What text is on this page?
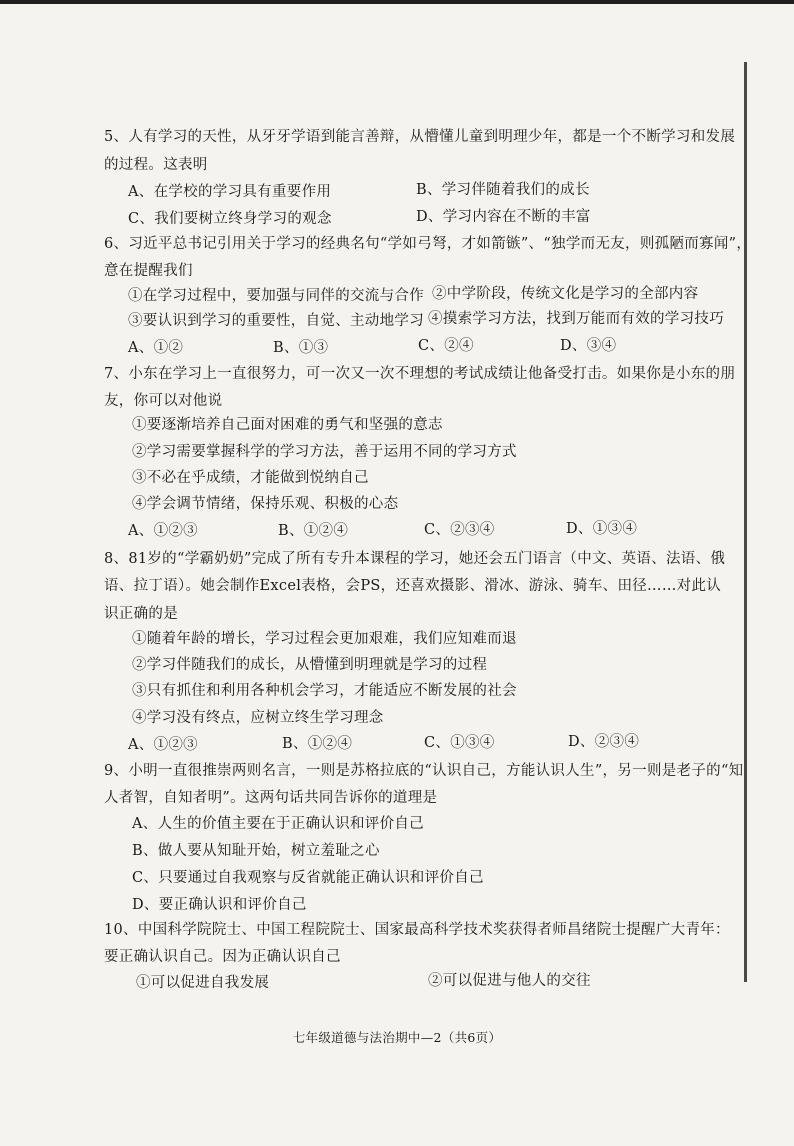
5、人有学习的天性，从牙牙学语到能言善辩，从懵懂儿童到明理少年，都是一个不断学习和发展
的过程。这表明
A、在学校的学习具有重要作用	B、学习伴随着我们的成长
C、我们要树立终身学习的观念	D、学习内容在不断的丰富
6、习近平总书记引用关于学习的经典名句“学如弓弩，才如箭镞”、“独学而无友，则孤陋而寡闻”，
意在提醒我们
①在学习过程中，要加强与同伴的交流与合作 ②中学阶段，传统文化是学习的全部内容
③要认识到学习的重要性，自觉、主动地学习 ④摸索学习方法，找到万能而有效的学习技巧
A、①②	B、①③	C、②④	D、③④
7、小东在学习上一直很努力，可一次又一次不理想的考试成绩让他备受打击。如果你是小东的朋
友，你可以对他说
①要逐渐培养自己面对困难的勇气和坚强的意志
②学习需要掌握科学的学习方法，善于运用不同的学习方式
③不必在乎成绩，才能做到悦纳自己
④学会调节情绪，保持乐观、积极的心态
A、①②③	B、①②④	C、②③④	D、①③④
8、81岁的“学霸奶奶”完成了所有专升本课程的学习，她还会五门语言（中文、英语、法语、俄
语、拉丁语）。她会制作Excel表格，会PS，还喜欢摄影、滑冰、游泳、骑车、田径……对此认
识正确的是
①随着年龄的增长，学习过程会更加艰难，我们应知难而退
②学习伴随我们的成长，从懵懂到明理就是学习的过程
③只有抓住和利用各种机会学习，才能适应不断发展的社会
④学习没有终点，应树立终生学习理念
A、①②③	B、①②④	C、①③④	D、②③④
9、小明一直很推崇两则名言，一则是苏格拉底的“认识自己，方能认识人生”，另一则是老子的“知
人者智，自知者明”。这两句话共同告诉你的道理是
A、人生的价值主要在于正确认识和评价自己
B、做人要从知耻开始，树立羞耻之心
C、只要通过自我观察与反省就能正确认识和评价自己
D、要正确认识和评价自己
10、中国科学院院士、中国工程院院士、国家最高科学技术奖获得者师昌绪院士提醒广大青年：
要正确认识自己。因为正确认识自己
①可以促进自我发展	②可以促进与他人的交往
七年级道德与法治期中—2（共6页）
